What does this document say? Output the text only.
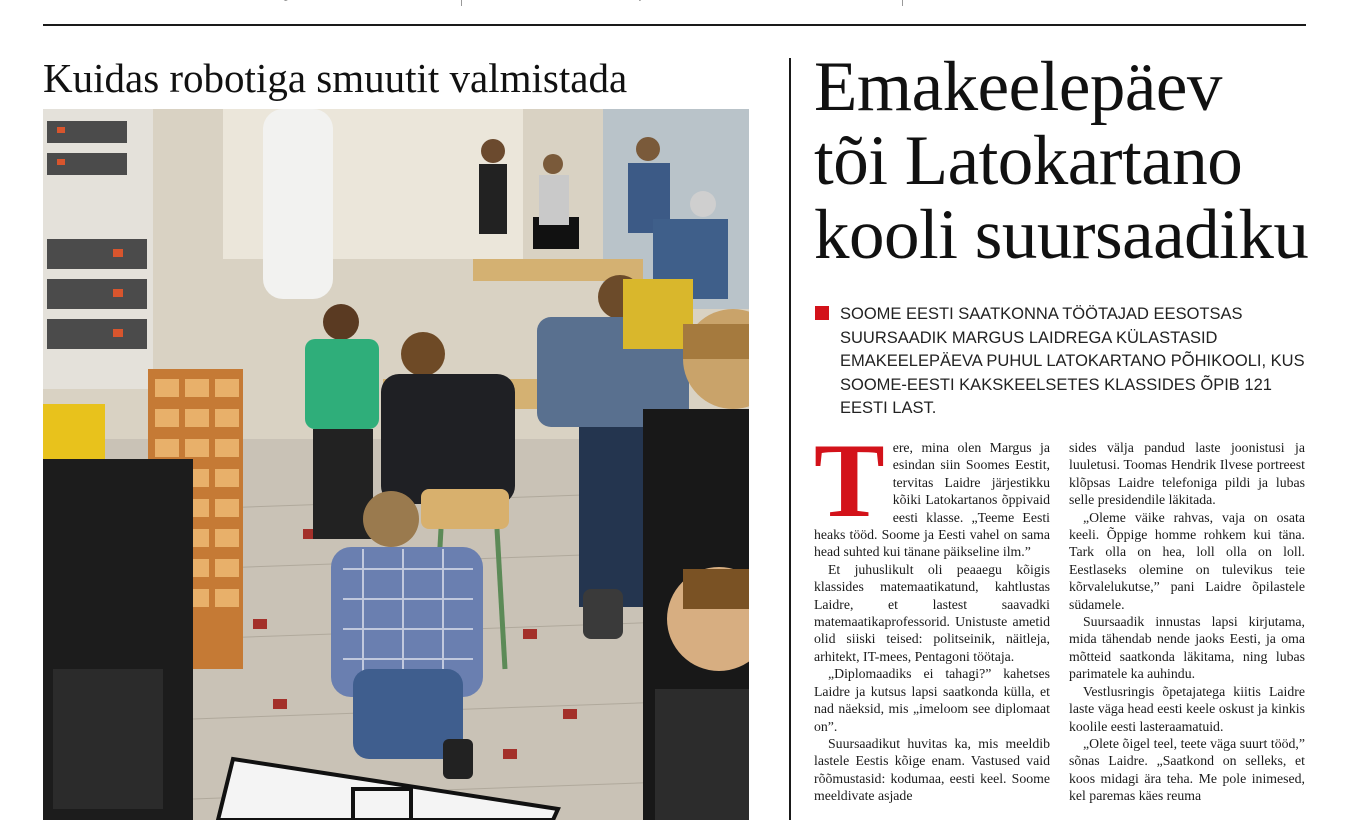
Kuidas robotiga smuutit valmistada	Emakeelepäev
tõi Latokartano
kooli suursaadiku

SOOME EESTI SAATKONNA TÖÖTAJAD EESOTSAS SUURSAADIK MARGUS LAIDREGA KÜLASTASID EMAKEELEPÄEVA PUHUL LATOKARTANO PÕHIKOOLI, KUS SOOME-EESTI KAKSKEELSETES KLASSIDES ÕPIB 121 EESTI LAST.

Tere, mina olen Margus ja esindan siin Soomes Eestit, tervitas Laidre järjestikku kõiki Latokartanos õppivaid eesti klasse. „Teeme Eesti heaks tööd. Soome ja Eesti vahel on sama head suhted kui tänane päikseline ilm.”

Et juhuslikult oli peaaegu kõigis klassides matemaatikatund, kahtlustas Laidre, et lastest saavadki matemaatikaprofessorid. Unistuste ametid olid siiski teised: politseinik, näitleja, arhitekt, IT-mees, Pentagoni töötaja.

„Diplomaadiks ei tahagi?” kahetses Laidre ja kutsus lapsi saatkonda külla, et nad näeksid, mis „imeloom see diplomaat on”.

Suursaadikut huvitas ka, mis meeldib lastele Eestis kõige enam. Vastused vaid rõõmustasid: kodumaa, eesti keel. Soome meeldivate asjade

sides välja pandud laste joonistusi ja luuletusi. Toomas Hendrik Ilvese portreest klõpsas Laidre telefoniga pildi ja lubas selle presidendile läkitada.

„Oleme väike rahvas, vaja on osata keeli. Õppige homme rohkem kui täna. Tark olla on hea, loll olla on loll. Eestlaseks olemine on tulevikus teie kõrvalelukutse,” pani Laidre õpilastele südamele.

Suursaadik innustas lapsi kirjutama, mida tähendab nende jaoks Eesti, ja oma mõtteid saatkonda läkitama, ning lubas parimatele ka auhindu.

Vestlusringis õpetajatega kiitis Laidre laste väga head eesti keele oskust ja kinkis koolile eesti lasteraamatuid.

„Olete õigel teel, teete väga suurt tööd,” sõnas Laidre. „Saatkond on selleks, et koos midagi ära teha. Me pole inimesed, kel paremas käes reuma
